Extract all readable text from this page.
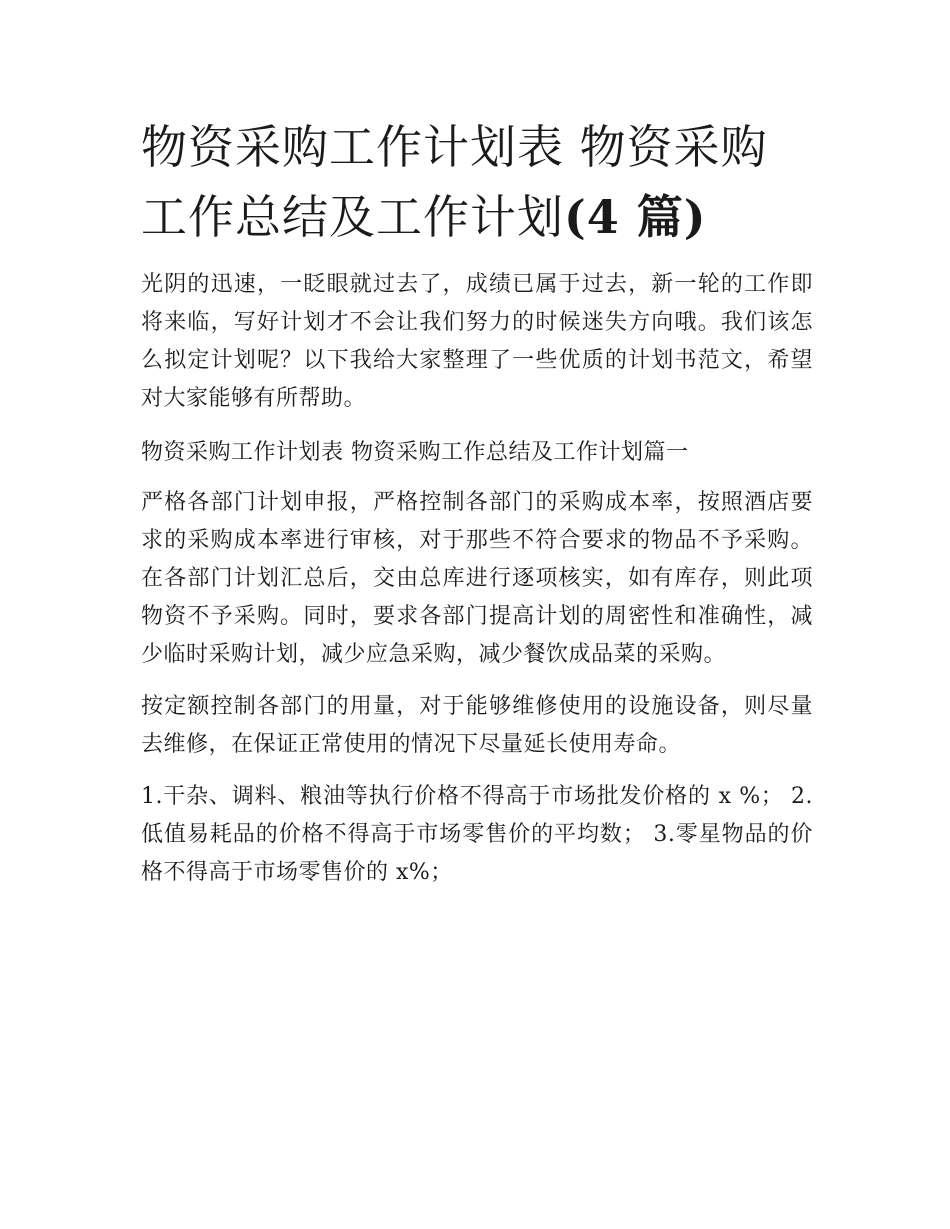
物资采购工作计划表 物资采购工作总结及工作计划(4 篇)

光阴的迅速，一眨眼就过去了，成绩已属于过去，新一轮的工作即将来临，写好计划才不会让我们努力的时候迷失方向哦。我们该怎么拟定计划呢？以下我给大家整理了一些优质的计划书范文，希望对大家能够有所帮助。

物资采购工作计划表 物资采购工作总结及工作计划篇一

严格各部门计划申报，严格控制各部门的采购成本率，按照酒店要求的采购成本率进行审核，对于那些不符合要求的物品不予采购。在各部门计划汇总后，交由总库进行逐项核实，如有库存，则此项物资不予采购。同时，要求各部门提高计划的周密性和准确性，减少临时采购计划，减少应急采购，减少餐饮成品菜的采购。

按定额控制各部门的用量，对于能够维修使用的设施设备，则尽量去维修，在保证正常使用的情况下尽量延长使用寿命。

1.干杂、调料、粮油等执行价格不得高于市场批发价格的 x %； 2.低值易耗品的价格不得高于市场零售价的平均数； 3.零星物品的价格不得高于市场零售价的 x%；
